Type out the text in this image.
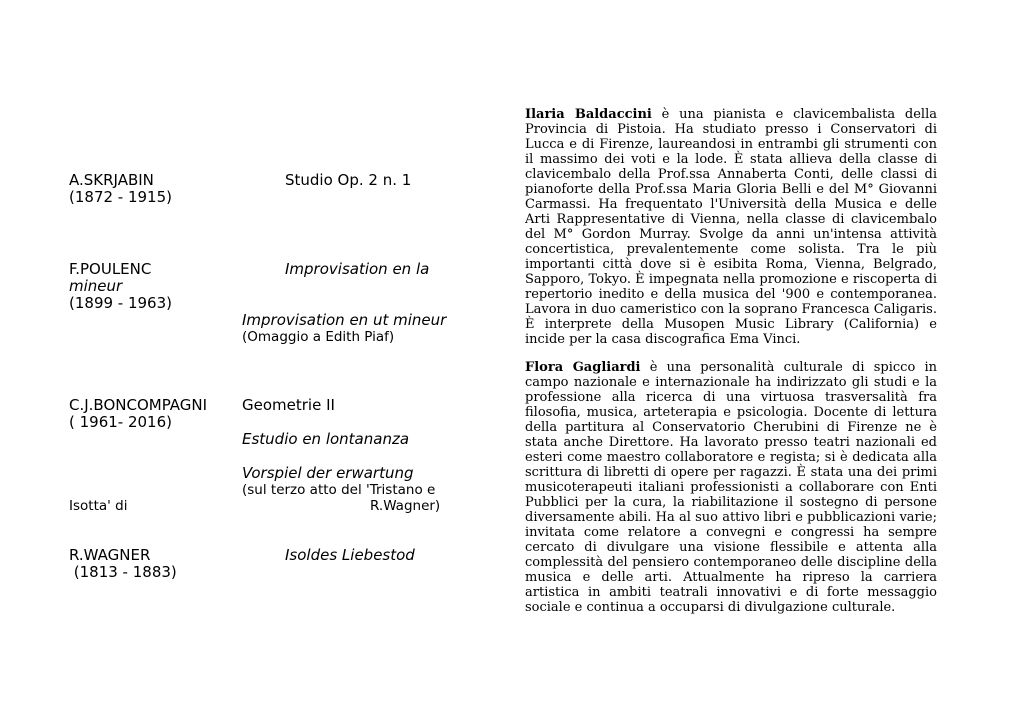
A.SKRJABIN
(1872 - 1915)
Studio Op. 2 n. 1
F.POULENC	Improvisation en la
mineur
(1899 - 1963)
Improvisation en ut mineur
(Omaggio a Edith Piaf)
C.J.BONCOMPAGNI Geometrie II
( 1961- 2016)
Estudio en lontananza
Vorspiel der erwartung
(sul terzo atto del 'Tristano e
Isotta' di	R.Wagner)
R.WAGNER
(1813 - 1883)
Isoldes Liebestod

Ilaria Baldaccini è una pianista e clavicembalista della Provincia di Pistoia. Ha studiato presso i Conservatori di Lucca e di Firenze, laureandosi in entrambi gli strumenti con il massimo dei voti e la lode. È stata allieva della classe di clavicembalo della Prof.ssa Annaberta Conti, delle classi di pianoforte della Prof.ssa Maria Gloria Belli e del M° Giovanni Carmassi. Ha frequentato l'Università della Musica e delle Arti Rappresentative di Vienna, nella classe di clavicembalo del M° Gordon Murray. Svolge da anni un'intensa attività concertistica, prevalentemente come solista. Tra le più importanti città dove si è esibita Roma, Vienna, Belgrado, Sapporo, Tokyo. È impegnata nella promozione e riscoperta di repertorio inedito e della musica del '900 e contemporanea. Lavora in duo cameristico con la soprano Francesca Caligaris. È interprete della Musopen Music Library (California) e incide per la casa discografica Ema Vinci.

Flora Gagliardi è una personalità culturale di spicco in campo nazionale e internazionale ha indirizzato gli studi e la professione alla ricerca di una virtuosa trasversalità fra filosofia, musica, arteterapia e psicologia. Docente di lettura della partitura al Conservatorio Cherubini di Firenze ne è stata anche Direttore. Ha lavorato presso teatri nazionali ed esteri come maestro collaboratore e regista; si è dedicata alla scrittura di libretti di opere per ragazzi. È stata una dei primi musicoterapeuti italiani professionisti a collaborare con Enti Pubblici per la cura, la riabilitazione il sostegno di persone diversamente abili. Ha al suo attivo libri e pubblicazioni varie; invitata come relatore a convegni e congressi ha sempre cercato di divulgare una visione flessibile e attenta alla complessità del pensiero contemporaneo delle discipline della musica e delle arti. Attualmente ha ripreso la carriera artistica in ambiti teatrali innovativi e di forte messaggio sociale e continua a occuparsi di divulgazione culturale.
